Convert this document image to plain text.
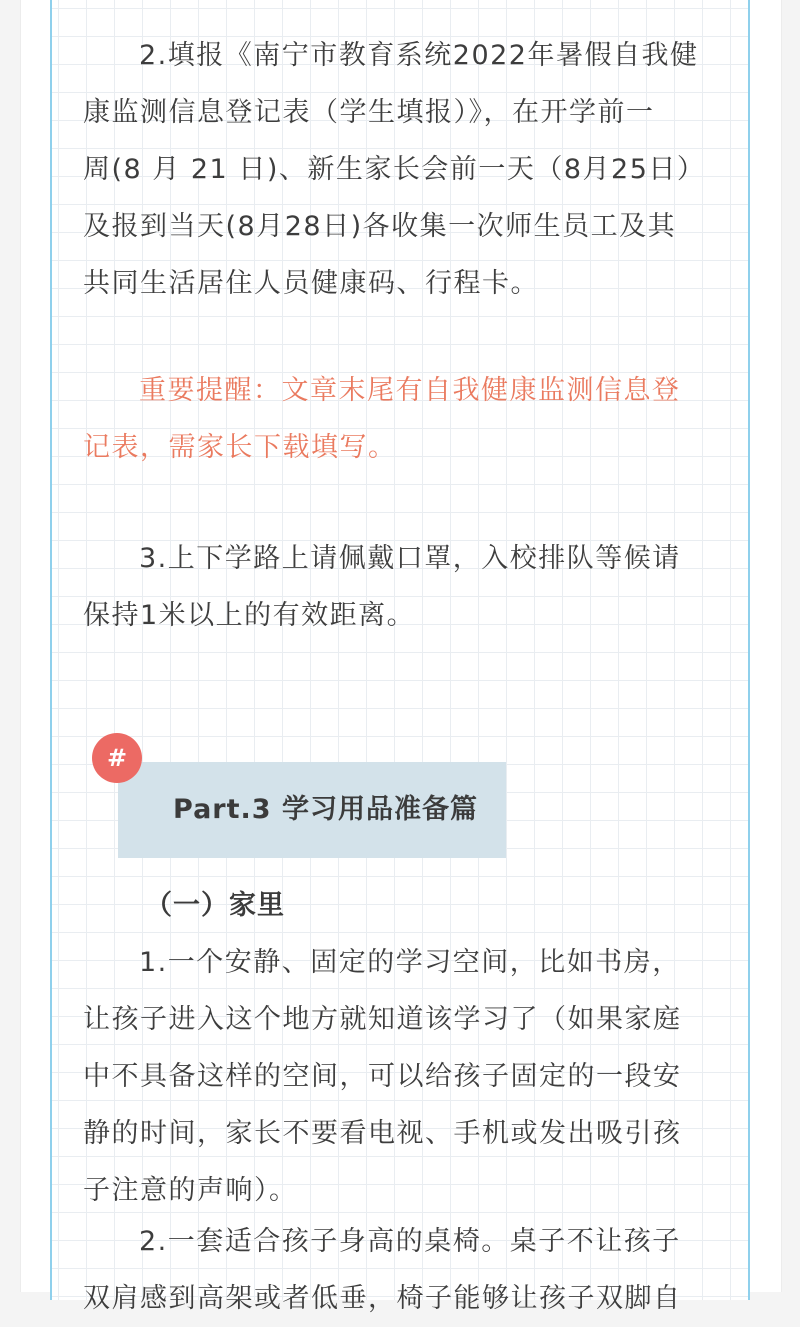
2.填报《南宁市教育系统2022年暑假自我健
康监测信息登记表（学生填报）》，在开学前一
周(8 月 21 日)、新生家长会前一天（8月25日）
及报到当天(8月28日)各收集一次师生员工及其
共同生活居住人员健康码、行程卡。
重要提醒：文章末尾有自我健康监测信息登
记表，需家长下载填写。
3.上下学路上请佩戴口罩，入校排队等候请
保持1米以上的有效距离。
Part.3 学习用品准备篇
#
（一）家里
1.一个安静、固定的学习空间，比如书房，
让孩子进入这个地方就知道该学习了（如果家庭
中不具备这样的空间，可以给孩子固定的一段安
静的时间，家长不要看电视、手机或发出吸引孩
子注意的声响）。
2.一套适合孩子身高的桌椅。桌子不让孩子
双肩感到高架或者低垂，椅子能够让孩子双脚自
